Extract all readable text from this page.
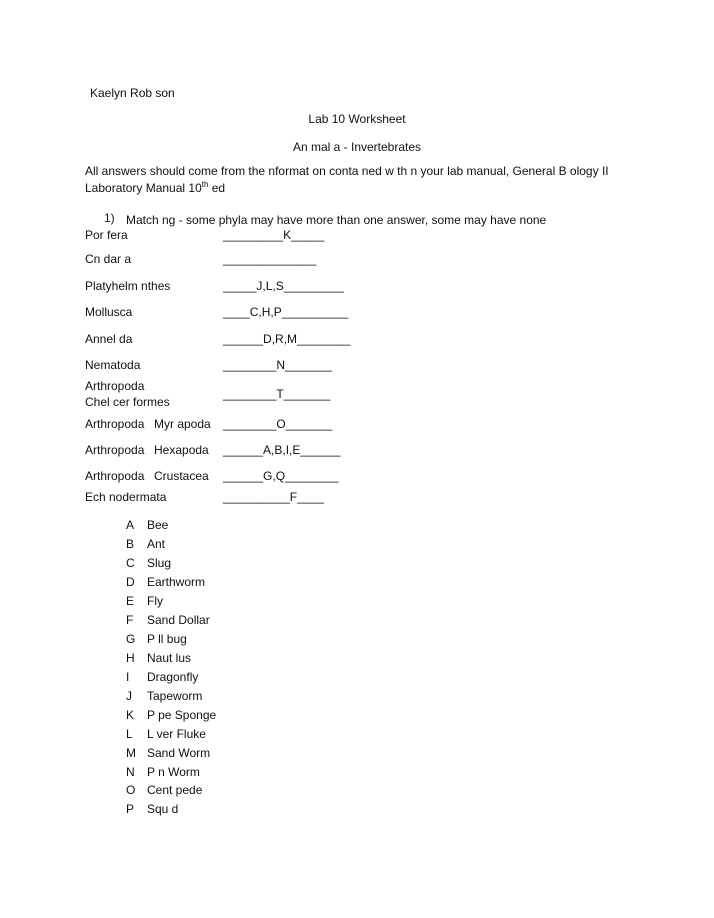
Kaelyn Rob son
Lab 10 Worksheet
An mal a - Invertebrates
All answers should come from the nformat on conta ned w th n your lab manual, General B ology II
Laboratory Manual 10th ed
1) Match ng - some phyla may have more than one answer, some may have none
Por fera	_________K_____
Cn dar a	______________
Platyhelm nthes	_____J,L,S_________
Mollusca	____C,H,P__________
Annel da	______D,R,M________
Nematoda	________N_______
Arthropoda
Chel cer formes
________T_______
Arthropoda Myr apoda ________O_______
Arthropoda Hexapoda ______A,B,I,E______
Arthropoda Crustacea ______G,Q________
Ech nodermata	__________F____
A Bee
B Ant
C Slug
D Earthworm
E Fly
F Sand Dollar
G P ll bug
H Naut lus
I Dragonfly
J Tapeworm
K P pe Sponge
L L ver Fluke
M Sand Worm
N P n Worm
O Cent pede
P Squ d
